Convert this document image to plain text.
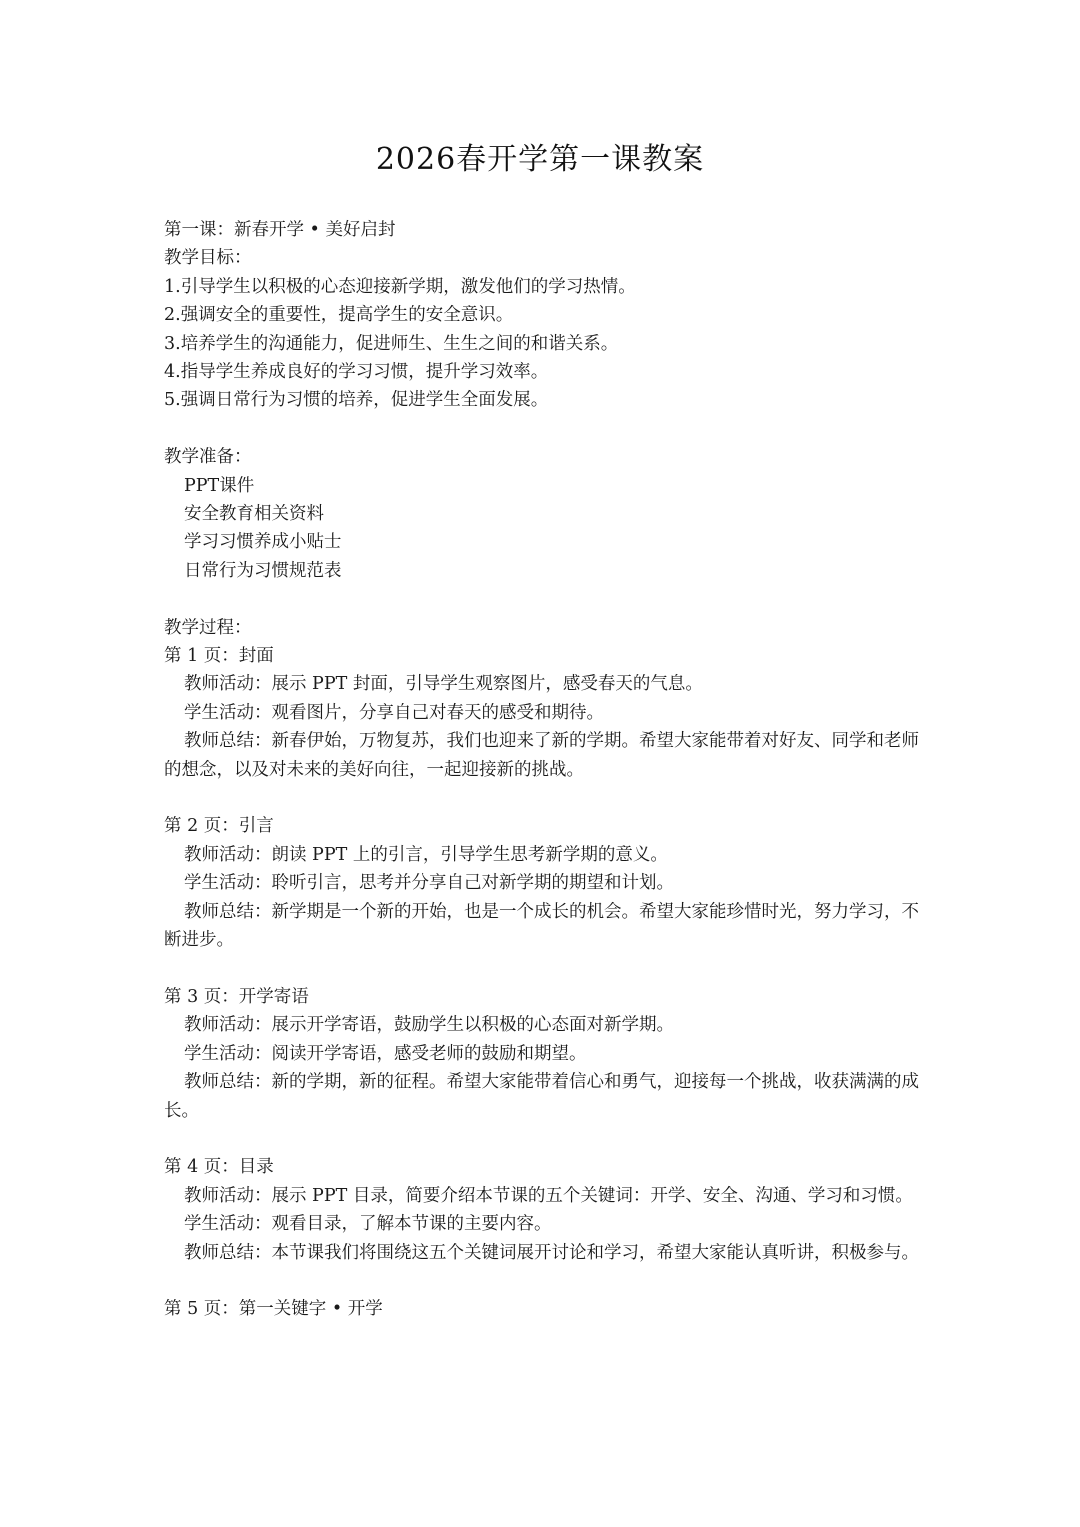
2026春开学第一课教案
第一课：新春开学 • 美好启封
教学目标：
1.引导学生以积极的心态迎接新学期，激发他们的学习热情。
2.强调安全的重要性，提高学生的安全意识。
3.培养学生的沟通能力，促进师生、生生之间的和谐关系。
4.指导学生养成良好的学习习惯，提升学习效率。
5.强调日常行为习惯的培养，促进学生全面发展。
教学准备：
PPT课件
安全教育相关资料
学习习惯养成小贴士
日常行为习惯规范表
教学过程：
第 1 页：封面
教师活动：展示 PPT 封面，引导学生观察图片，感受春天的气息。
学生活动：观看图片，分享自己对春天的感受和期待。
教师总结：新春伊始，万物复苏，我们也迎来了新的学期。希望大家能带着对好友、同学和老师的想念，以及对未来的美好向往，一起迎接新的挑战。
第 2 页：引言
教师活动：朗读 PPT 上的引言，引导学生思考新学期的意义。
学生活动：聆听引言，思考并分享自己对新学期的期望和计划。
教师总结：新学期是一个新的开始，也是一个成长的机会。希望大家能珍惜时光，努力学习，不断进步。
第 3 页：开学寄语
教师活动：展示开学寄语，鼓励学生以积极的心态面对新学期。
学生活动：阅读开学寄语，感受老师的鼓励和期望。
教师总结：新的学期，新的征程。希望大家能带着信心和勇气，迎接每一个挑战，收获满满的成长。
第 4 页：目录
教师活动：展示 PPT 目录，简要介绍本节课的五个关键词：开学、安全、沟通、学习和习惯。
学生活动：观看目录，了解本节课的主要内容。
教师总结：本节课我们将围绕这五个关键词展开讨论和学习，希望大家能认真听讲，积极参与。
第 5 页：第一关键字 • 开学
